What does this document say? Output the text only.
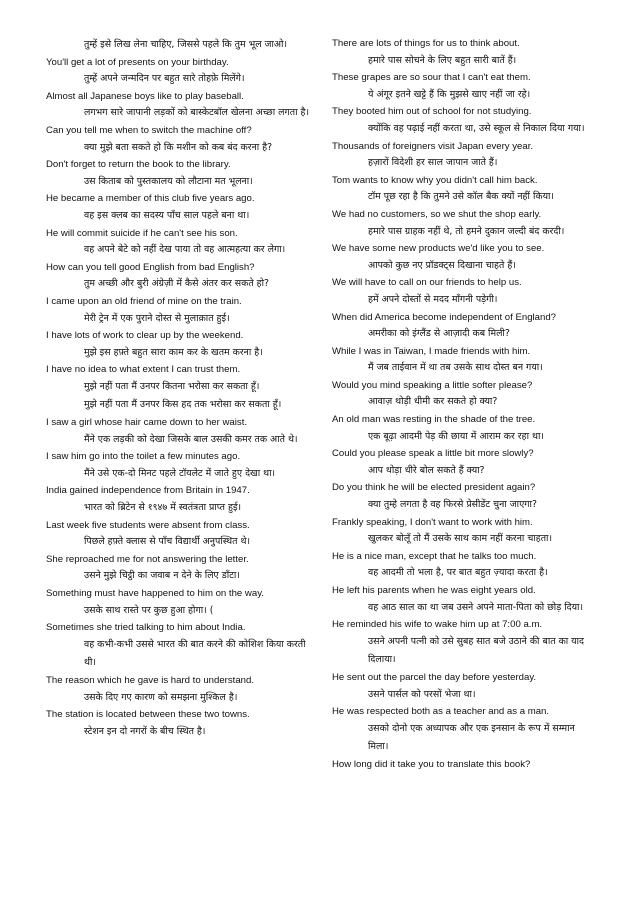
तुम्हें इसे लिख लेना चाहिए, जिससे पहले कि तुम भूल जाओ।
You'll get a lot of presents on your birthday.
तुम्हें अपने जन्मदिन पर बहुत सारे तोहफ़े मिलेंगे।
Almost all Japanese boys like to play baseball.
लगभग सारे जापानी लड़कों को बास्केटबॉल खेलना अच्छा लगता है।
Can you tell me when to switch the machine off?
क्या मुझे बता सकते हो कि मशीन को कब बंद करना है?
Don't forget to return the book to the library.
उस किताब को पुस्तकालय को लौटाना मत भूलना।
He became a member of this club five years ago.
वह इस क्लब का सदस्य पाँच साल पहले बना था।
He will commit suicide if he can't see his son.
वह अपने बेटे को नहीं देख पाया तो वह आत्महत्या कर लेगा।
How can you tell good English from bad English?
तुम अच्छी और बुरी अंग्रेज़ी में कैसे अंतर कर सकते हो?
I came upon an old friend of mine on the train.
मेरी ट्रेन में एक पुराने दोस्त से मुलाक़ात हुई।
I have lots of work to clear up by the weekend.
मुझे इस हफ़्ते बहुत सारा काम कर के खतम करना है।
I have no idea to what extent I can trust them.
मुझे नहीं पता मैं उनपर कितना भरोसा कर सकता हूँ।
मुझे नहीं पता मैं उनपर किस हद तक भरोसा कर सकता हूँ।
I saw a girl whose hair came down to her waist.
मैंने एक लड़की को देखा जिसके बाल उसकी कमर तक आते थे।
I saw him go into the toilet a few minutes ago.
मैंने उसे एक-दो मिनट पहले टॉयलेट में जाते हुए देखा था।
India gained independence from Britain in 1947.
भारत को ब्रिटेन से १९४७ में स्वतंत्रता प्राप्त हुई।
Last week five students were absent from class.
पिछले हफ़्ते क्लास से पाँच विद्यार्थी अनुपस्थित थे।
She reproached me for not answering the letter.
उसने मुझे चिट्ठी का जवाब न देने के लिए डाँटा।
Something must have happened to him on the way.
उसके साथ रास्ते पर कुछ हुआ होगा। (
Sometimes she tried talking to him about India.
वह कभी-कभी उससे भारत की बात करने की कोशिश किया करती थी।
The reason which he gave is hard to understand.
उसके दिए गए कारण को समझना मुश्किल है।
The station is located between these two towns.
स्टेशन इन दो नगरों के बीच स्थित है।
There are lots of things for us to think about.
हमारे पास सोचने के लिए बहुत सारी बातें हैं।
These grapes are so sour that I can't eat them.
ये अंगूर इतने खट्टे हैं कि मुझसे खाए नहीं जा रहे।
They booted him out of school for not studying.
क्योंकि वह पढ़ाई नहीं करता था, उसे स्कूल से निकाल दिया गया।
Thousands of foreigners visit Japan every year.
हज़ारों विदेशी हर साल जापान जाते हैं।
Tom wants to know why you didn't call him back.
टॉम पूछ रहा है कि तुमने उसे कॉल बैक क्यों नहीं किया।
We had no customers, so we shut the shop early.
हमारे पास ग्राहक नहीं थे, तो हमने दुकान जल्दी बंद करदी।
We have some new products we'd like you to see.
आपको कुछ नए प्रॉडक्ट्स दिखाना चाहते हैं।
We will have to call on our friends to help us.
हमें अपने दोस्तों से मदद माँगनी पड़ेगी।
When did America become independent of England?
अमरीका को इंग्लैंड से आज़ादी कब मिली?
While I was in Taiwan, I made friends with him.
मैं जब ताईवान में था तब उसके साथ दोस्त बन गया।
Would you mind speaking a little softer please?
आवाज़ थोड़ी धीमी कर सकते हो क्या?
An old man was resting in the shade of the tree.
एक बूढ़ा आदमी पेड़ की छाया में आराम कर रहा था।
Could you please speak a little bit more slowly?
आप थोड़ा धीरे बोल सकते हैं क्या?
Do you think he will be elected president again?
क्या तुम्हे लगता है वह फिरसे प्रेसीडेंट चुना जाएगा?
Frankly speaking, I don't want to work with him.
खुलकर बोलूँ तो मैं उसके साथ काम नहीं करना चाहता।
He is a nice man, except that he talks too much.
वह आदमी तो भला है, पर बात बहुत ज़्यादा करता है।
He left his parents when he was eight years old.
वह आठ साल का था जब उसने अपने माता-पिता को छोड़ दिया।
He reminded his wife to wake him up at 7:00 a.m.
उसने अपनी पत्नी को उसे सुबह सात बजे उठाने की बात का याद दिलाया।
He sent out the parcel the day before yesterday.
उसने पार्सल को परसों भेजा था।
He was respected both as a teacher and as a man.
उसको दोनो एक अध्यापक और एक इनसान के रूप में सम्मान मिला।
How long did it take you to translate this book?
